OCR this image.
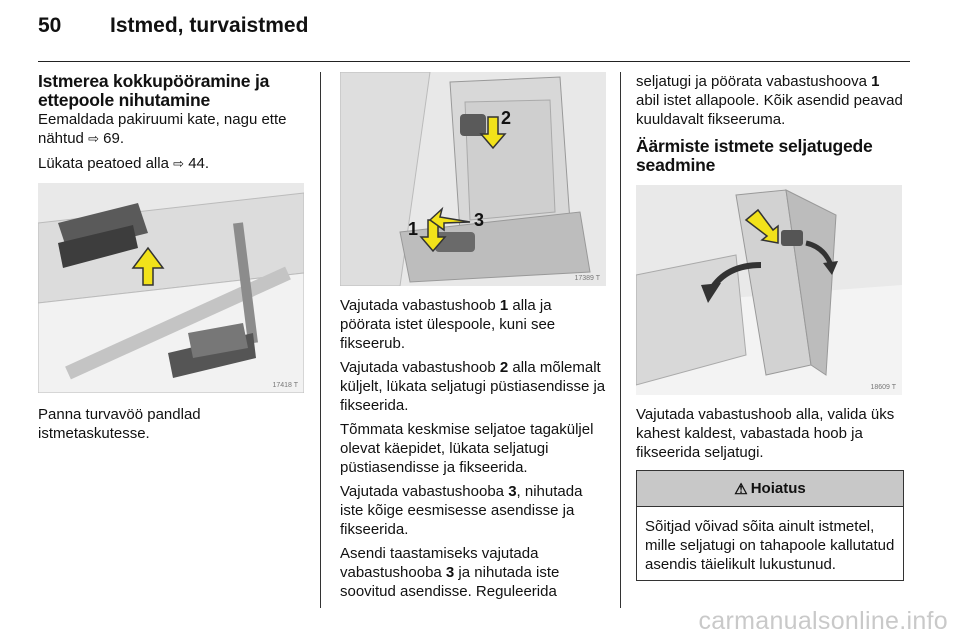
50	Istmed, turvaistmed
Istmerea kokkupööramine ja ettepoole nihutamine

Eemaldada pakiruumi kate, nagu ette nähtud ⇨ 69.

Lükata peatoed alla ⇨ 44.

17418 T

Panna turvavöö pandlad istmetaskutesse.

2
1	3
17389 T

Vajutada vabastushoob 1 alla ja pöörata istet ülespoole, kuni see fikseerub.

Vajutada vabastushoob 2 alla mõlemalt küljelt, lükata seljatugi püstiasendisse ja fikseerida.

Tõmmata keskmise seljatoe tagaküljel olevat käepidet, lükata seljatugi püstiasendisse ja fikseerida.

Vajutada vabastushooba 3, nihutada iste kõige eesmisesse asendisse ja fikseerida.

Asendi taastamiseks vajutada vabastushooba 3 ja nihutada iste soovitud asendisse. Reguleerida

seljatugi ja pöörata vabastushoova 1 abil istet allapoole. Kõik asendid peavad kuuldavalt fikseeruma.

Äärmiste istmete seljatugede seadmine
18609 T

Vajutada vabastushoob alla, valida üks kahest kaldest, vabastada hoob ja fikseerida seljatugi.

⚠ Hoiatus

Sõitjad võivad sõita ainult istmetel, mille seljatugi on tahapoole kallutatud asendis täielikult lukustunud.

carmanualsonline.info
